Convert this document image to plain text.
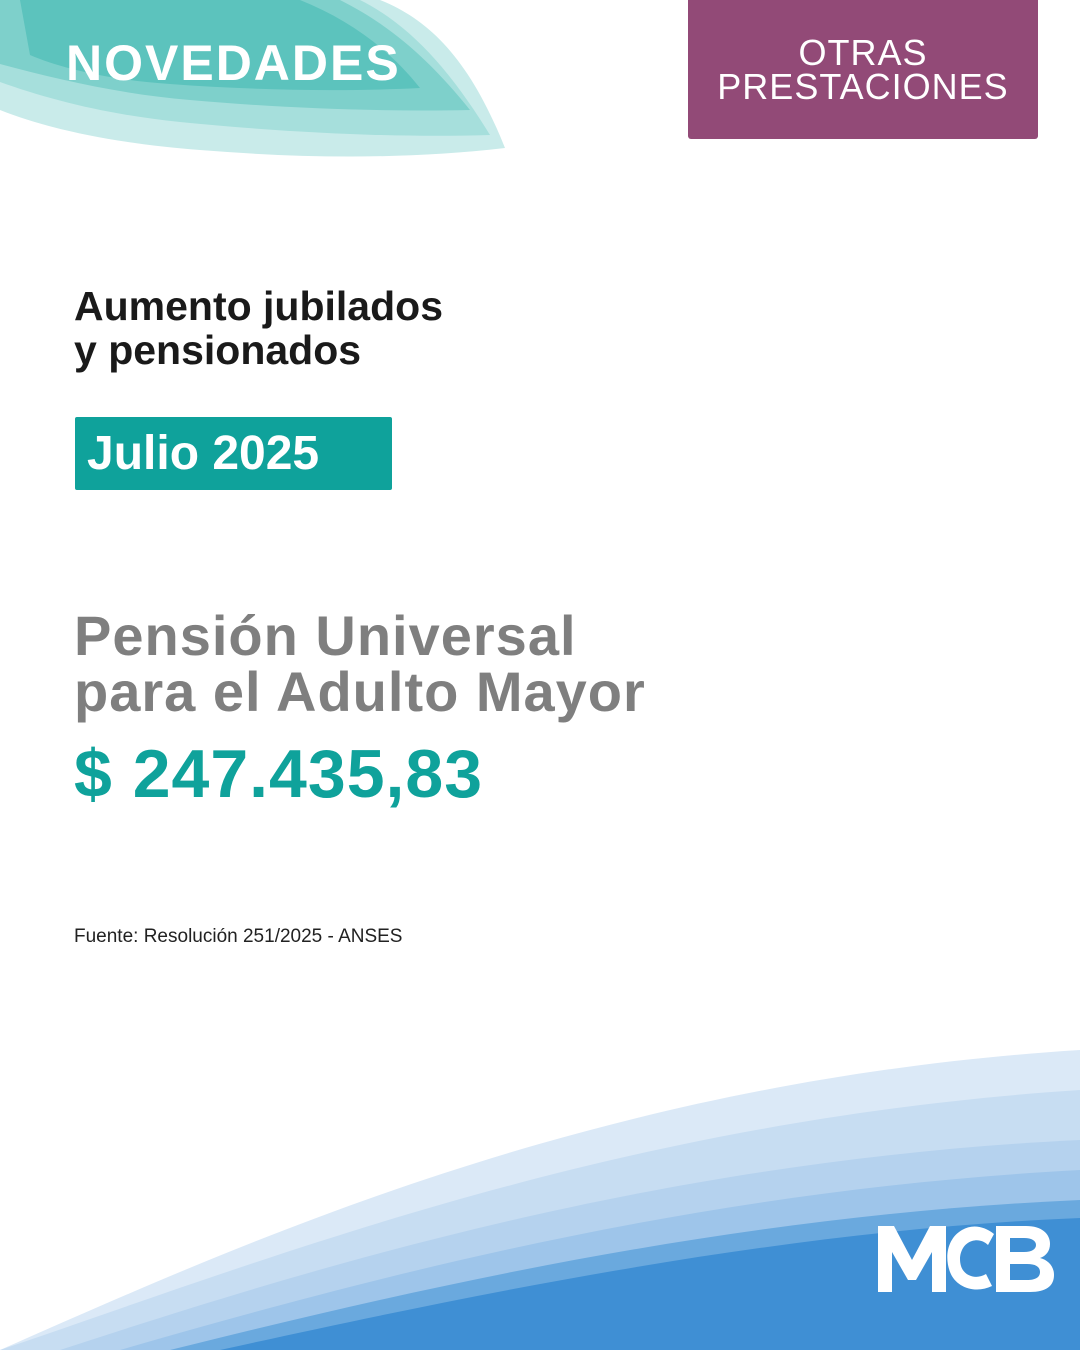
NOVEDADES	OTRAS
PRESTACIONES
Aumento jubilados
y pensionados
Julio 2025
Pensión Universal
para el Adulto Mayor
$ 247.435,83
Fuente: Resolución 251/2025 - ANSES
